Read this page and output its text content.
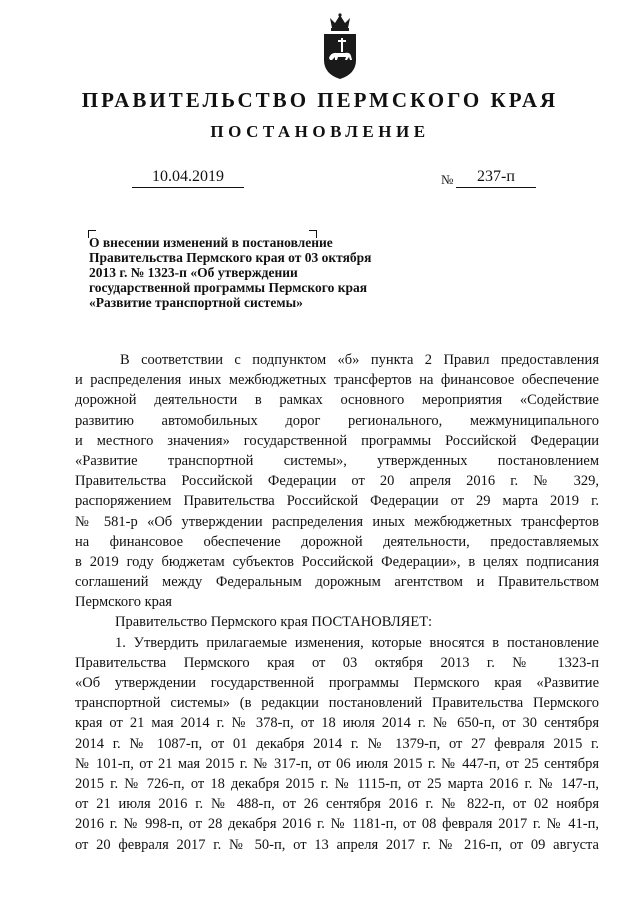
ПРАВИТЕЛЬСТВО ПЕРМСКОГО КРАЯ
ПОСТАНОВЛЕНИЕ
10.04.2019	№	237-п
О внесении изменений в постановление
Правительства Пермского края от 03 октября
2013 г. № 1323-п «Об утверждении
государственной программы Пермского края
«Развитие транспортной системы»
В соответствии с подпунктом «б» пункта 2 Правил предоставления
и распределения иных межбюджетных трансфертов на финансовое обеспечение
дорожной деятельности в рамках основного мероприятия «Содействие
развитию автомобильных дорог регионального, межмуниципального
и местного значения» государственной программы Российской Федерации
«Развитие транспортной системы», утвержденных постановлением
Правительства Российской Федерации от 20 апреля 2016 г. № 329,
распоряжением Правительства Российской Федерации от 29 марта 2019 г.
№ 581-р «Об утверждении распределения иных межбюджетных трансфертов
на финансовое обеспечение дорожной деятельности, предоставляемых
в 2019 году бюджетам субъектов Российской Федерации», в целях подписания
соглашений между Федеральным дорожным агентством и Правительством
Пермского края
Правительство Пермского края ПОСТАНОВЛЯЕТ:
1. Утвердить прилагаемые изменения, которые вносятся в постановление
Правительства Пермского края от 03 октября 2013 г. № 1323-п
«Об утверждении государственной программы Пермского края «Развитие
транспортной системы» (в редакции постановлений Правительства Пермского
края от 21 мая 2014 г. № 378-п, от 18 июля 2014 г. № 650-п, от 30 сентября
2014 г. № 1087-п, от 01 декабря 2014 г. № 1379-п, от 27 февраля 2015 г.
№ 101-п, от 21 мая 2015 г. № 317-п, от 06 июля 2015 г. № 447-п, от 25 сентября
2015 г. № 726-п, от 18 декабря 2015 г. № 1115-п, от 25 марта 2016 г. № 147-п,
от 21 июля 2016 г. № 488-п, от 26 сентября 2016 г. № 822-п, от 02 ноября
2016 г. № 998-п, от 28 декабря 2016 г. № 1181-п, от 08 февраля 2017 г. № 41-п,
от 20 февраля 2017 г. № 50-п, от 13 апреля 2017 г. № 216-п, от 09 августа
